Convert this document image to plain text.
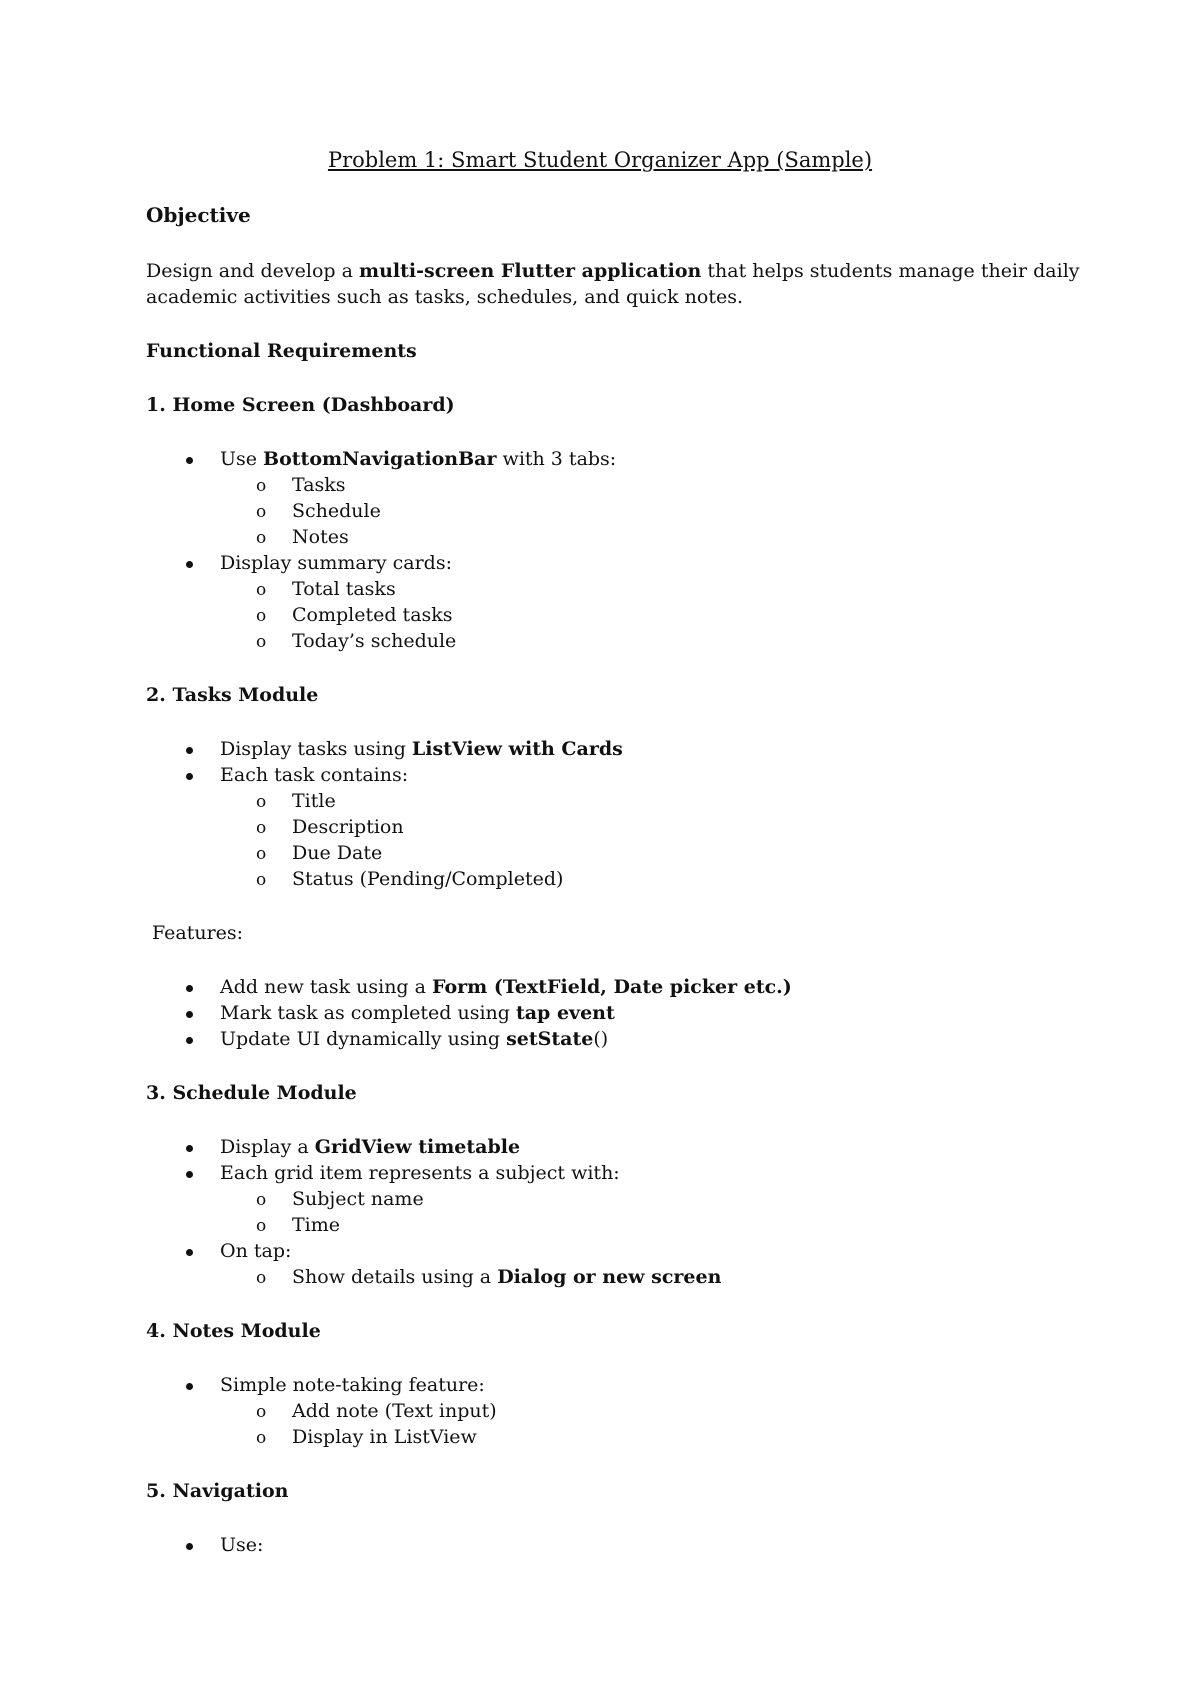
Problem 1: Smart Student Organizer App (Sample)
Objective
Design and develop a multi-screen Flutter application that helps students manage their daily
academic activities such as tasks, schedules, and quick notes.
Functional Requirements
1. Home Screen (Dashboard)
Use BottomNavigationBar with 3 tabs:
o Tasks
o Schedule
o Notes
Display summary cards:
o Total tasks
o Completed tasks
o Today’s schedule
2. Tasks Module
Display tasks using ListView with Cards
Each task contains:
o Title
o Description
o Due Date
o Status (Pending/Completed)
Features:
Add new task using a Form (TextField, Date picker etc.)
Mark task as completed using tap event
Update UI dynamically using setState()
3. Schedule Module
Display a GridView timetable
Each grid item represents a subject with:
o Subject name
o Time
On tap:
o Show details using a Dialog or new screen
4. Notes Module
Simple note-taking feature:
o Add note (Text input)
o Display in ListView
5. Navigation
Use:
